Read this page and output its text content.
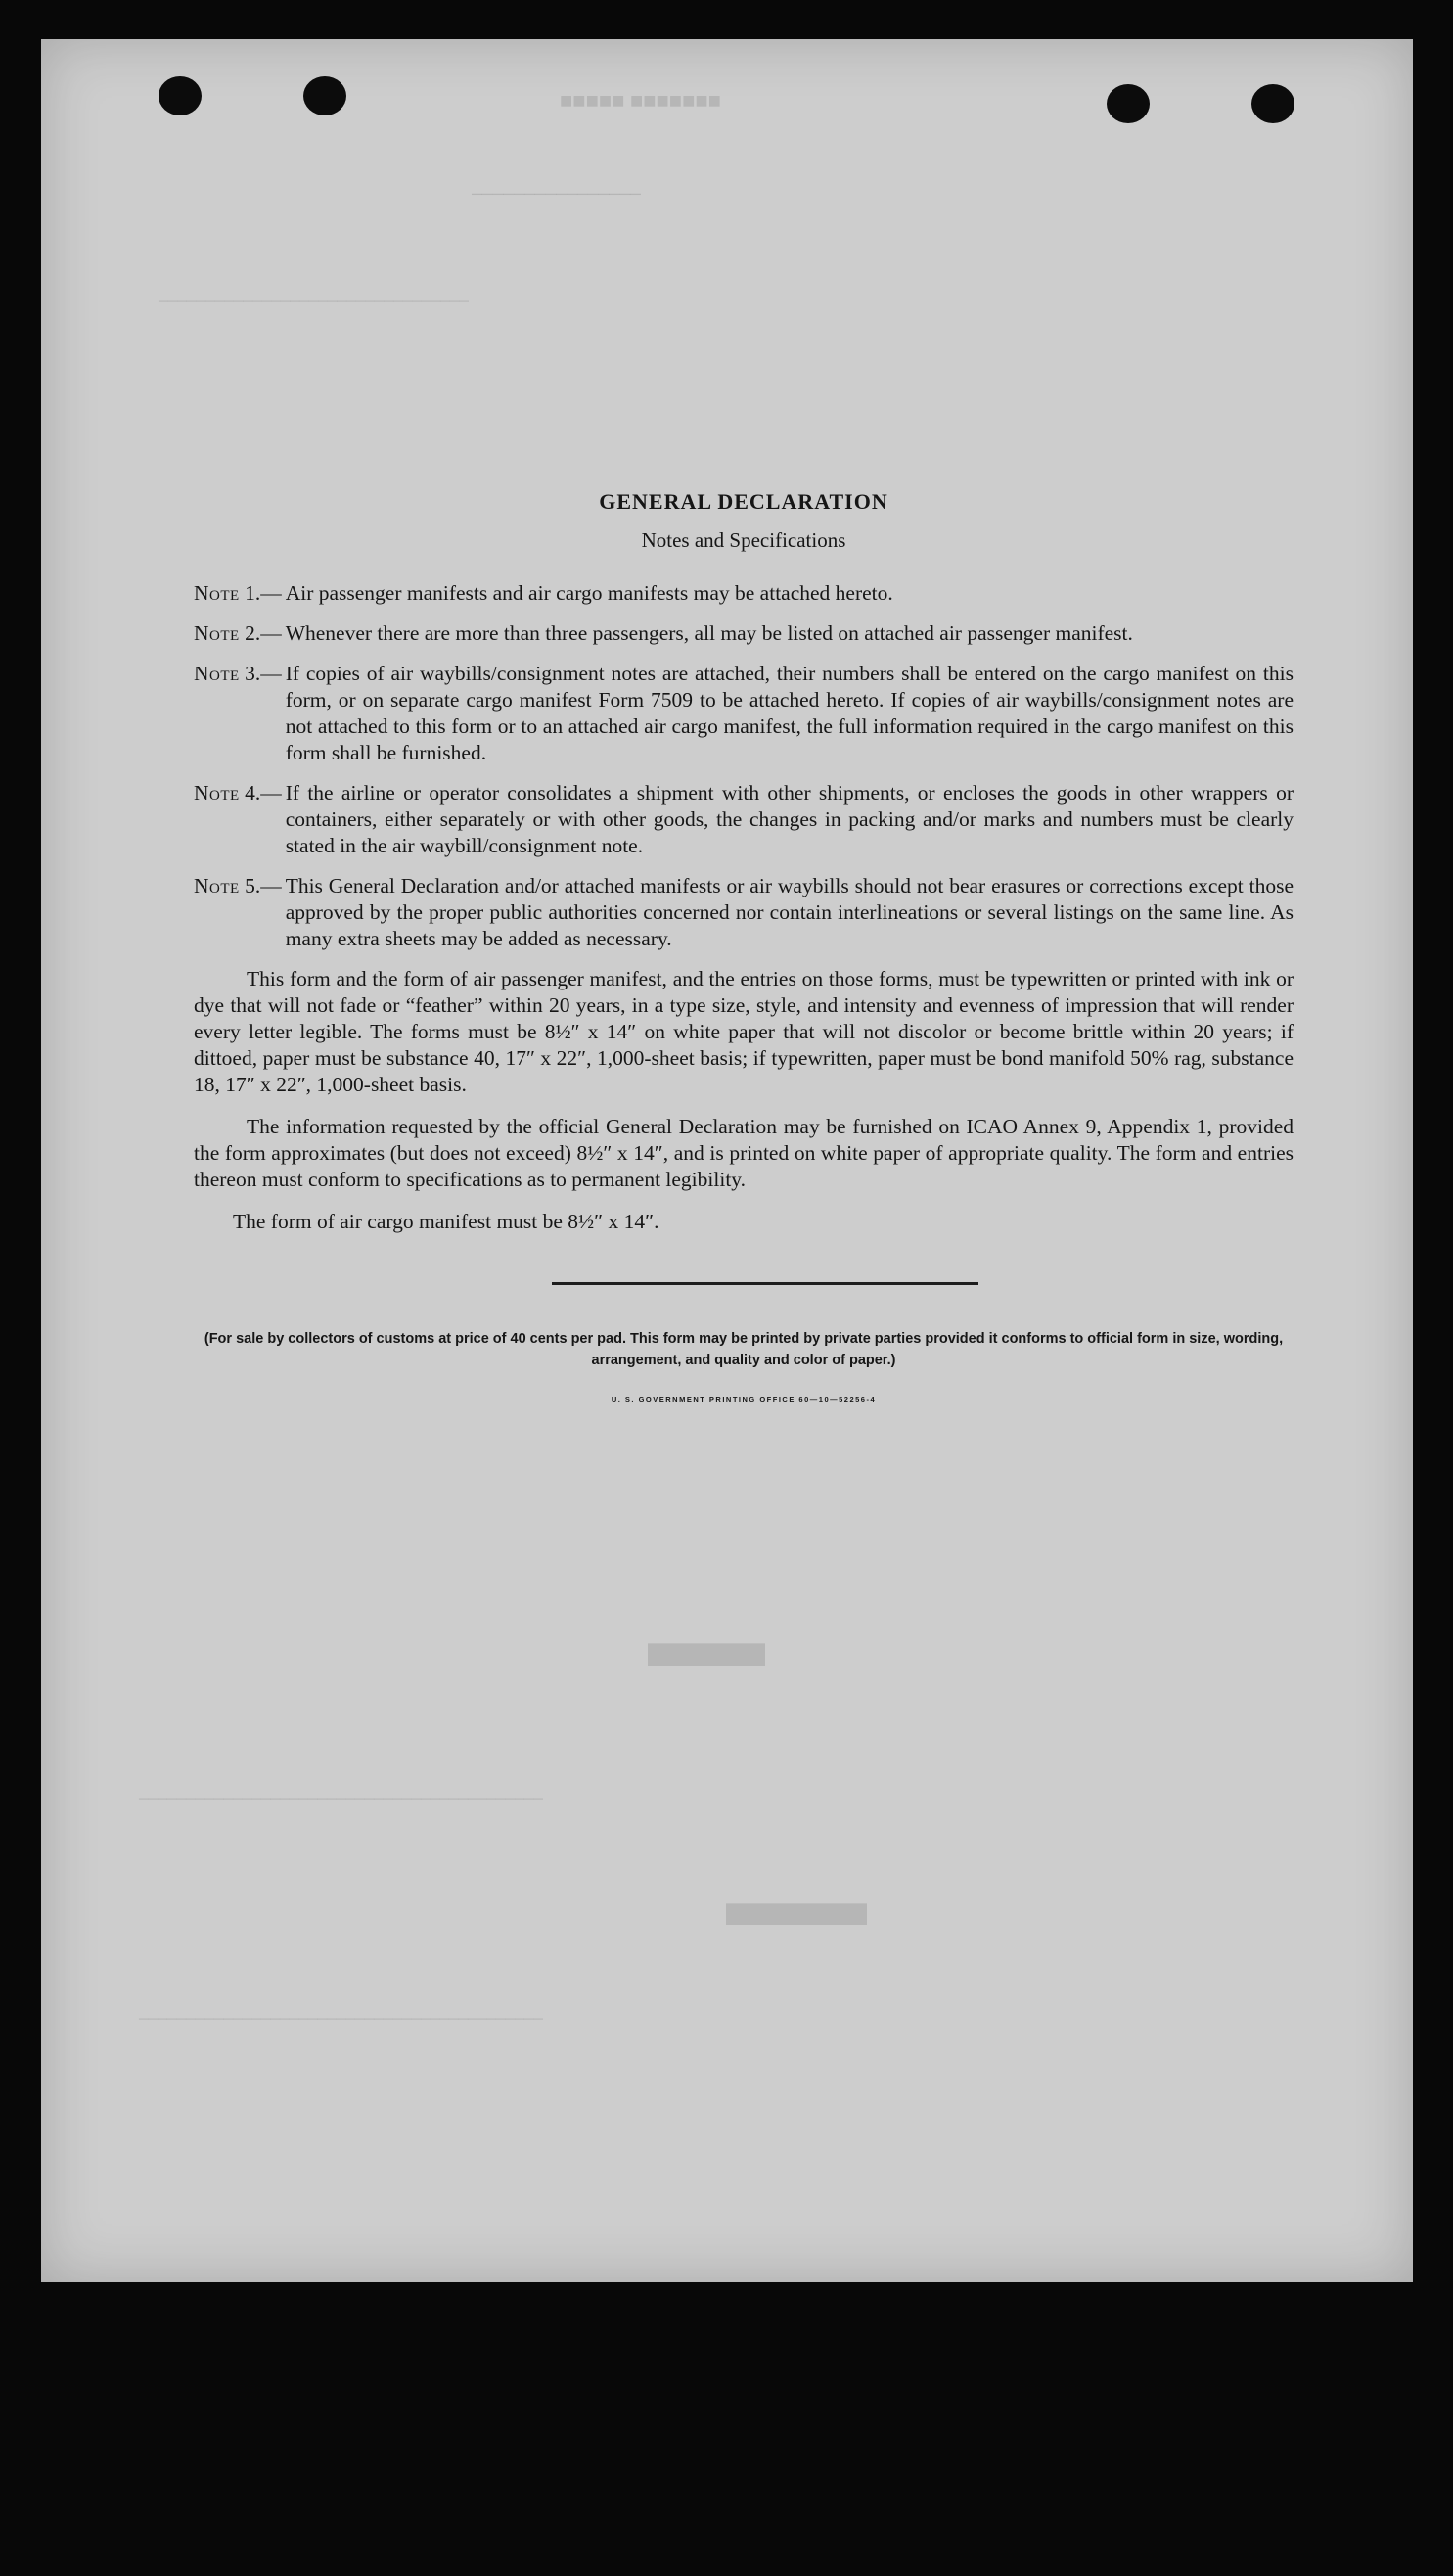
■■■■■ ■■■■■■■
────────────────
─────────────────────────────────
██████████
───────────────────────────────────────────
████████████
───────────────────────────────────────────
GENERAL DECLARATION
Notes and Specifications
Note 1.— Air passenger manifests and air cargo manifests may be attached hereto.
Note 2.— Whenever there are more than three passengers, all may be listed on attached air passenger manifest.
Note 3.— If copies of air waybills/consignment notes are attached, their numbers shall be entered on the cargo manifest on this form, or on separate cargo manifest Form 7509 to be attached hereto. If copies of air waybills/consignment notes are not attached to this form or to an attached air cargo manifest, the full information required in the cargo manifest on this form shall be furnished.
Note 4.— If the airline or operator consolidates a shipment with other shipments, or encloses the goods in other wrappers or containers, either separately or with other goods, the changes in packing and/or marks and numbers must be clearly stated in the air waybill/consignment note.
Note 5.— This General Declaration and/or attached manifests or air waybills should not bear erasures or corrections except those approved by the proper public authorities concerned nor contain interlineations or several listings on the same line. As many extra sheets may be added as necessary.

This form and the form of air passenger manifest, and the entries on those forms, must be typewritten or printed with ink or dye that will not fade or “feather” within 20 years, in a type size, style, and intensity and evenness of impression that will render every letter legible. The forms must be 8½″ x 14″ on white paper that will not discolor or become brittle within 20 years; if dittoed, paper must be substance 40, 17″ x 22″, 1,000-sheet basis; if typewritten, paper must be bond manifold 50% rag, substance 18, 17″ x 22″, 1,000-sheet basis.

The information requested by the official General Declaration may be furnished on ICAO Annex 9, Appendix 1, provided the form approximates (but does not exceed) 8½″ x 14″, and is printed on white paper of appropriate quality. The form and entries thereon must conform to specifications as to permanent legibility.

The form of air cargo manifest must be 8½″ x 14″.

(For sale by collectors of customs at price of 40 cents per pad. This form may be printed by private parties provided it conforms to official form in size, wording, arrangement, and quality and color of paper.)
U. S. GOVERNMENT PRINTING OFFICE 60—10—52256-4
